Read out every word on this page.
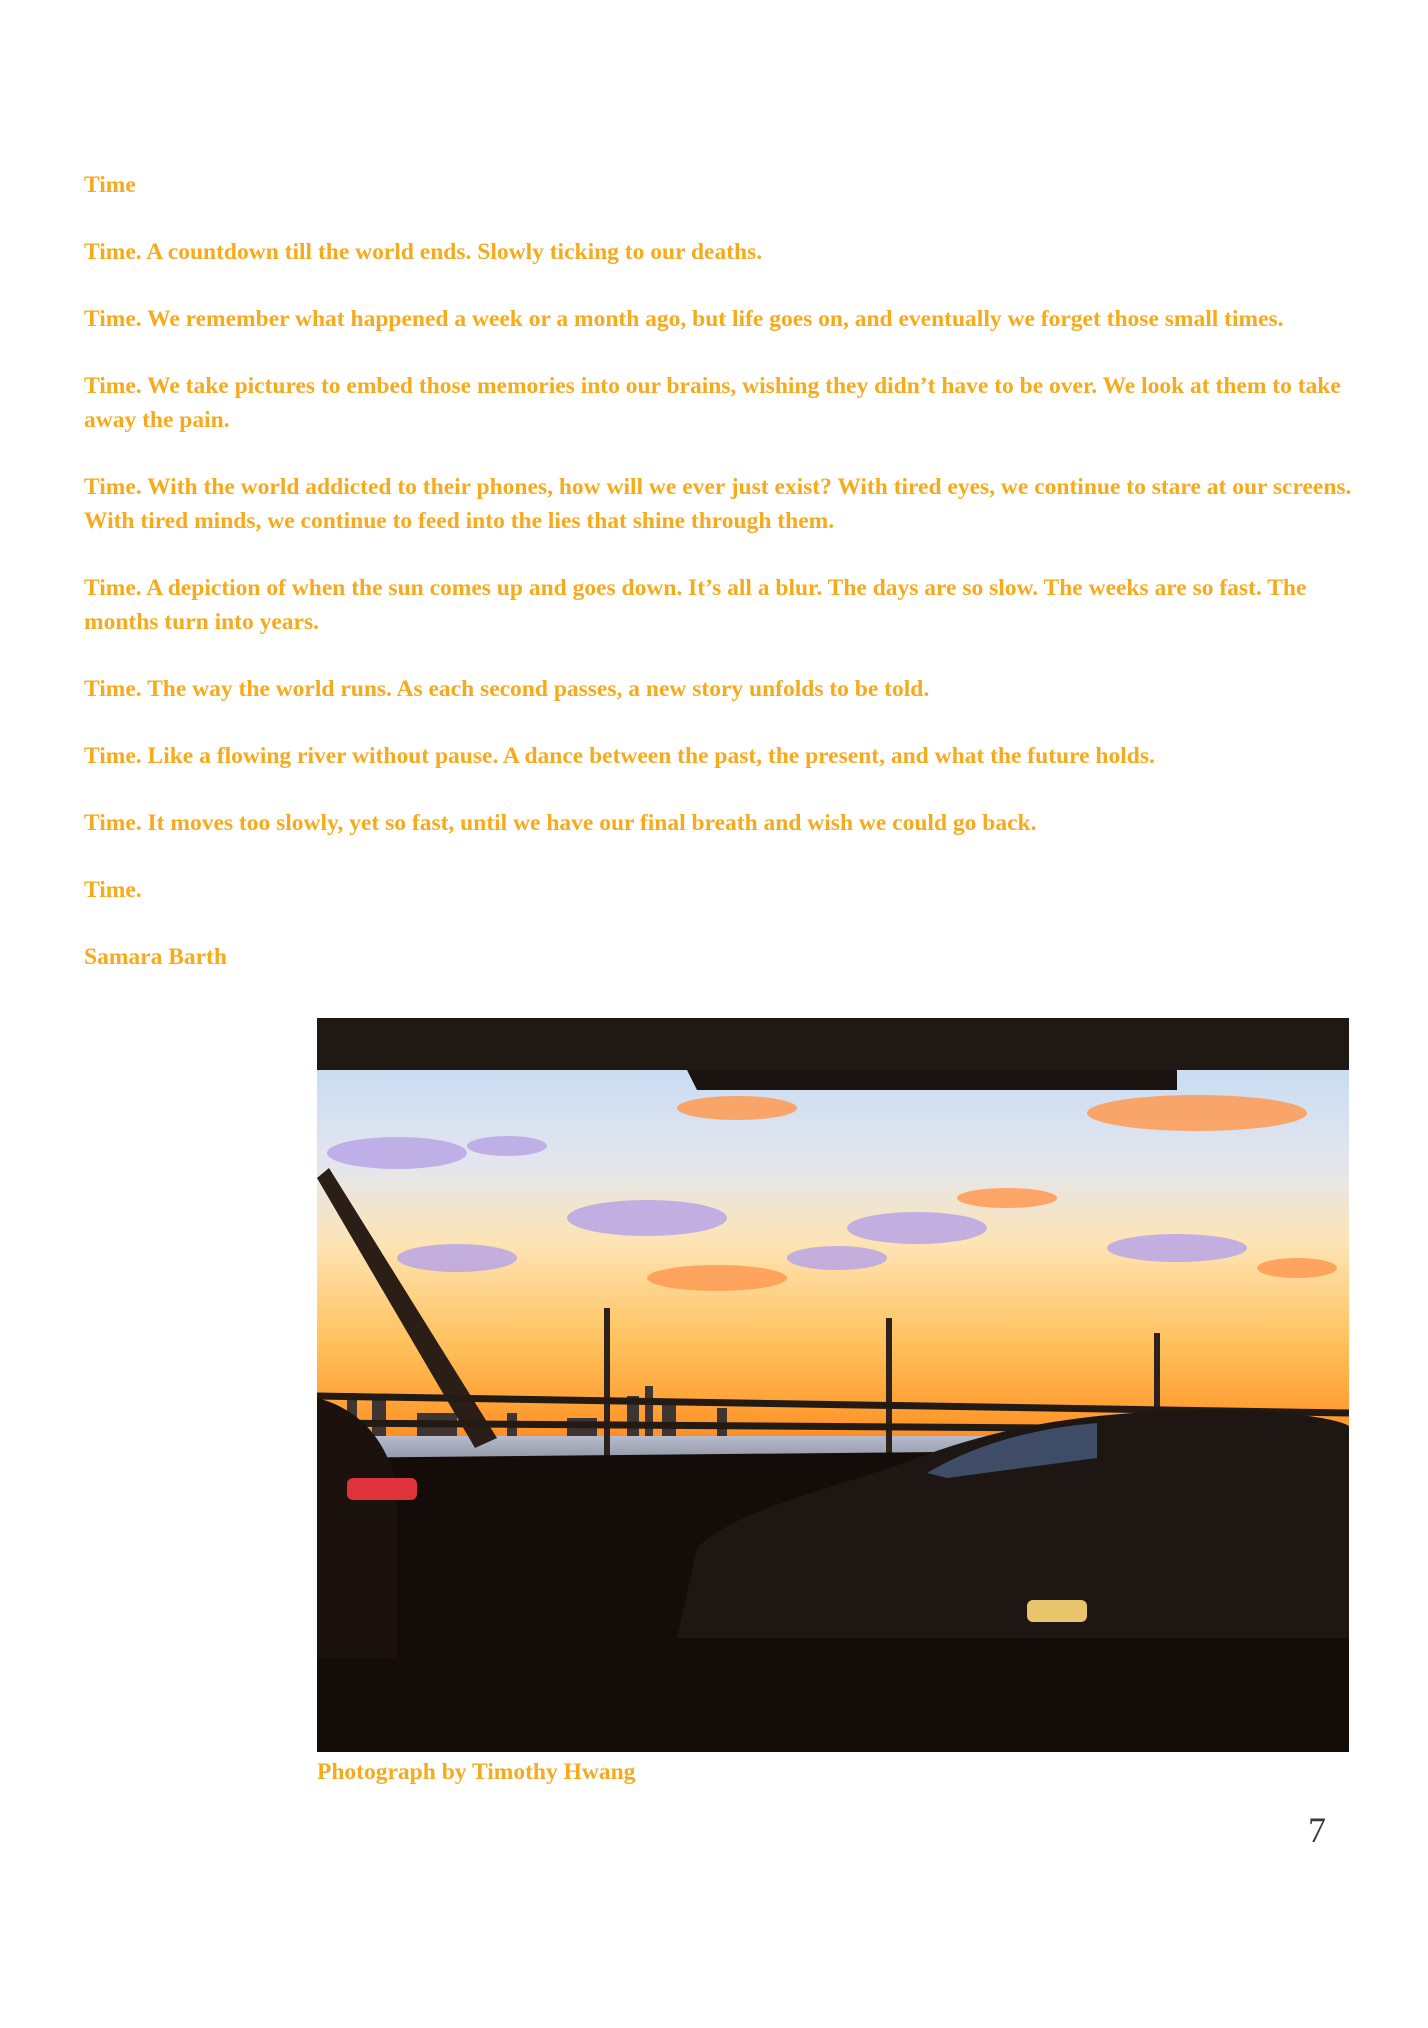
Time

Time. A countdown till the world ends. Slowly ticking to our deaths.

Time. We remember what happened a week or a month ago, but life goes on, and eventually we forget those small times.

Time. We take pictures to embed those memories into our brains, wishing they didn’t have to be over. We look at them to take away the pain.

Time. With the world addicted to their phones, how will we ever just exist? With tired eyes, we continue to stare at our screens. With tired minds, we continue to feed into the lies that shine through them.

Time. A depiction of when the sun comes up and goes down. It’s all a blur. The days are so slow. The weeks are so fast. The months turn into years.

Time. The way the world runs. As each second passes, a new story unfolds to be told.

Time. Like a flowing river without pause. A dance between the past, the present, and what the future holds.

Time. It moves too slowly, yet so fast, until we have our final breath and wish we could go back.

Time.

Samara Barth

Photograph by Timothy Hwang
7
